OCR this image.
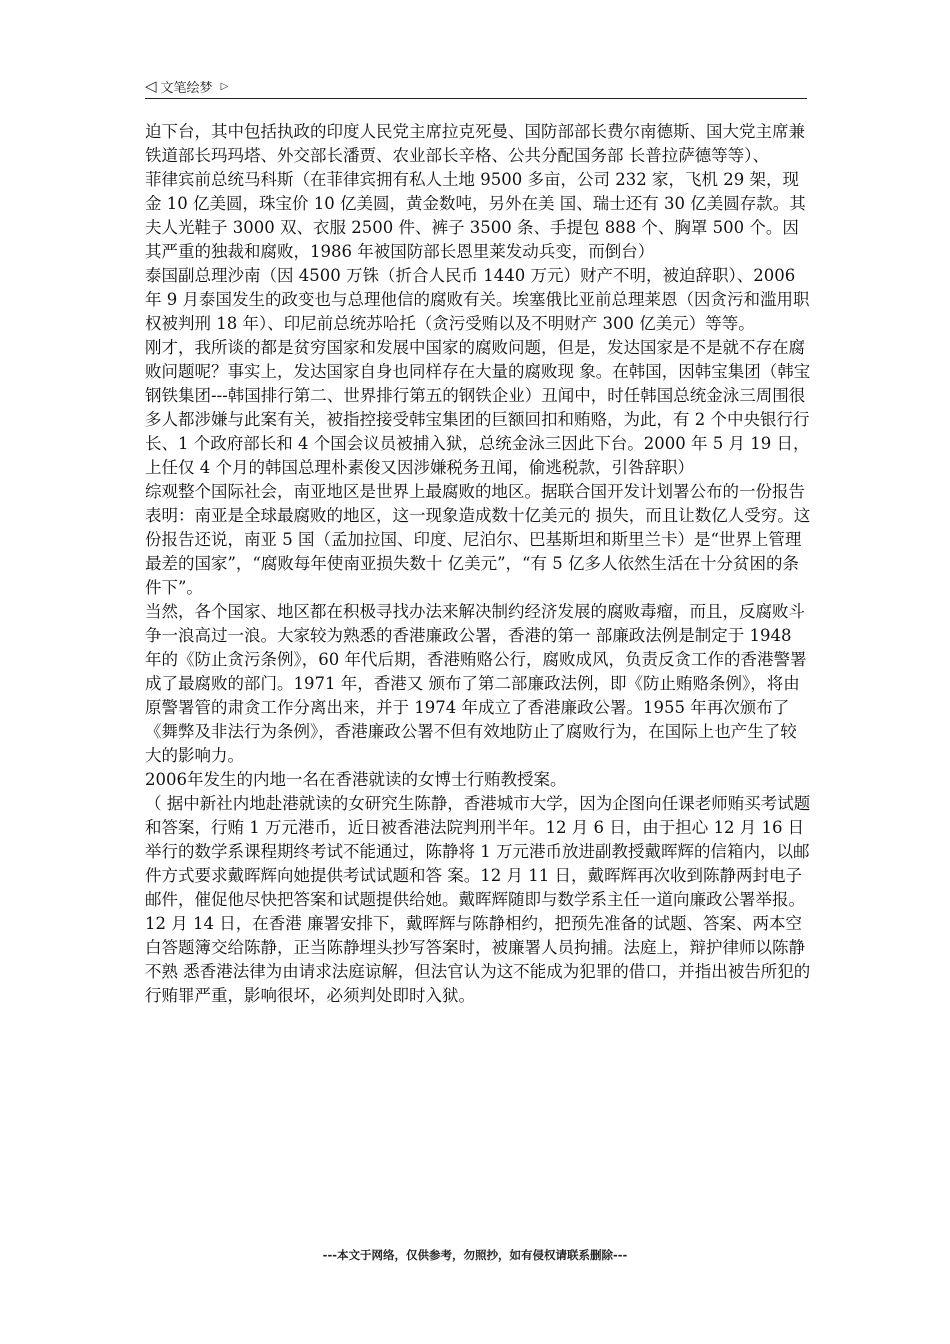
◁ 文笔绘梦 ▷

迫下台，其中包括执政的印度人民党主席拉克死曼、国防部部长费尔南德斯、国大党主席兼铁道部长玛玛塔、外交部长潘贾、农业部长辛格、公共分配国务部 长普拉萨德等等）、

菲律宾前总统马科斯（在菲律宾拥有私人土地 9500 多亩，公司 232 家，飞机 29 架，现金 10 亿美圆，珠宝价 10 亿美圆，黄金数吨，另外在美 国、瑞士还有 30 亿美圆存款。其夫人光鞋子 3000 双、衣服 2500 件、裤子 3500 条、手提包 888 个、胸罩 500 个。因其严重的独裁和腐败，1986 年被国防部长恩里莱发动兵变，而倒台）

泰国副总理沙南（因 4500 万铢（折合人民币 1440 万元）财产不明，被迫辞职）、2006 年 9 月泰国发生的政变也与总理他信的腐败有关。埃塞俄比亚前总理莱恩（因贪污和滥用职权被判刑 18 年）、印尼前总统苏哈托（贪污受贿以及不明财产 300 亿美元）等等。

刚才，我所谈的都是贫穷国家和发展中国家的腐败问题，但是，发达国家是不是就不存在腐败问题呢？事实上，发达国家自身也同样存在大量的腐败现 象。在韩国，因韩宝集团（韩宝钢铁集团---韩国排行第二、世界排行第五的钢铁企业）丑闻中，时任韩国总统金泳三周围很多人都涉嫌与此案有关，被指控接受韩宝集团的巨额回扣和贿赂，为此，有 2 个中央银行行长、1 个政府部长和 4 个国会议员被捕入狱，总统金泳三因此下台。2000 年 5 月 19 日，上任仅 4 个月的韩国总理朴素俊又因涉嫌税务丑闻，偷逃税款，引咎辞职）

综观整个国际社会，南亚地区是世界上最腐败的地区。据联合国开发计划署公布的一份报告表明：南亚是全球最腐败的地区，这一现象造成数十亿美元的 损失，而且让数亿人受穷。这份报告还说，南亚 5 国（孟加拉国、印度、尼泊尔、巴基斯坦和斯里兰卡）是“世界上管理最差的国家”，“腐败每年使南亚损失数十 亿美元”，“有 5 亿多人依然生活在十分贫困的条件下”。

当然，各个国家、地区都在积极寻找办法来解决制约经济发展的腐败毒瘤，而且，反腐败斗争一浪高过一浪。大家较为熟悉的香港廉政公署，香港的第一 部廉政法例是制定于 1948 年的《防止贪污条例》，60 年代后期，香港贿赂公行，腐败成风，负责反贪工作的香港警署成了最腐败的部门。1971 年，香港又 颁布了第二部廉政法例，即《防止贿赂条例》，将由原警署管的肃贪工作分离出来，并于 1974 年成立了香港廉政公署。1955 年再次颁布了《舞弊及非法行为条例》，香港廉政公署不但有效地防止了腐败行为，在国际上也产生了较大的影响力。

2006年发生的内地一名在香港就读的女博士行贿教授案。

（ 据中新社内地赴港就读的女研究生陈静，香港城市大学，因为企图向任课老师贿买考试题和答案，行贿 1 万元港币，近日被香港法院判刑半年。12 月 6 日，由于担心 12 月 16 日举行的数学系课程期终考试不能通过，陈静将 1 万元港币放进副教授戴晖辉的信箱内，以邮件方式要求戴晖辉向她提供考试试题和答 案。12 月 11 日，戴晖辉再次收到陈静两封电子邮件，催促他尽快把答案和试题提供给她。戴晖辉随即与数学系主任一道向廉政公署举报。12 月 14 日，在香港 廉署安排下，戴晖辉与陈静相约，把预先准备的试题、答案、两本空白答题簿交给陈静，正当陈静埋头抄写答案时，被廉署人员拘捕。法庭上，辩护律师以陈静不熟 悉香港法律为由请求法庭谅解，但法官认为这不能成为犯罪的借口，并指出被告所犯的行贿罪严重，影响很坏，必须判处即时入狱。

---本文于网络，仅供参考，勿照抄，如有侵权请联系删除---
